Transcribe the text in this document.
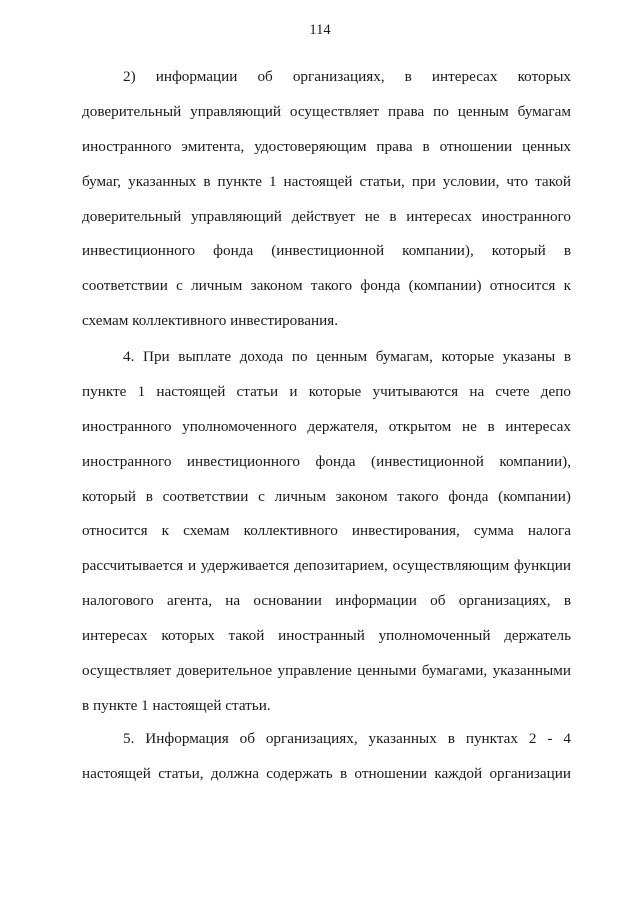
114
2) информации об организациях, в интересах которых
доверительный управляющий осуществляет права по ценным бумагам
иностранного эмитента, удостоверяющим права в отношении ценных
бумаг, указанных в пункте 1 настоящей статьи, при условии, что такой
доверительный управляющий действует не в интересах иностранного
инвестиционного фонда (инвестиционной компании), который в
соответствии с личным законом такого фонда (компании) относится к
схемам коллективного инвестирования.
4. При выплате дохода по ценным бумагам, которые указаны в
пункте 1 настоящей статьи и которые учитываются на счете депо
иностранного уполномоченного держателя, открытом не в интересах
иностранного инвестиционного фонда (инвестиционной компании),
который в соответствии с личным законом такого фонда (компании)
относится к схемам коллективного инвестирования, сумма налога
рассчитывается и удерживается депозитарием, осуществляющим функции
налогового агента, на основании информации об организациях, в
интересах которых такой иностранный уполномоченный держатель
осуществляет доверительное управление ценными бумагами, указанными
в пункте 1 настоящей статьи.
5. Информация об организациях, указанных в пунктах 2 - 4
настоящей статьи, должна содержать в отношении каждой организации
